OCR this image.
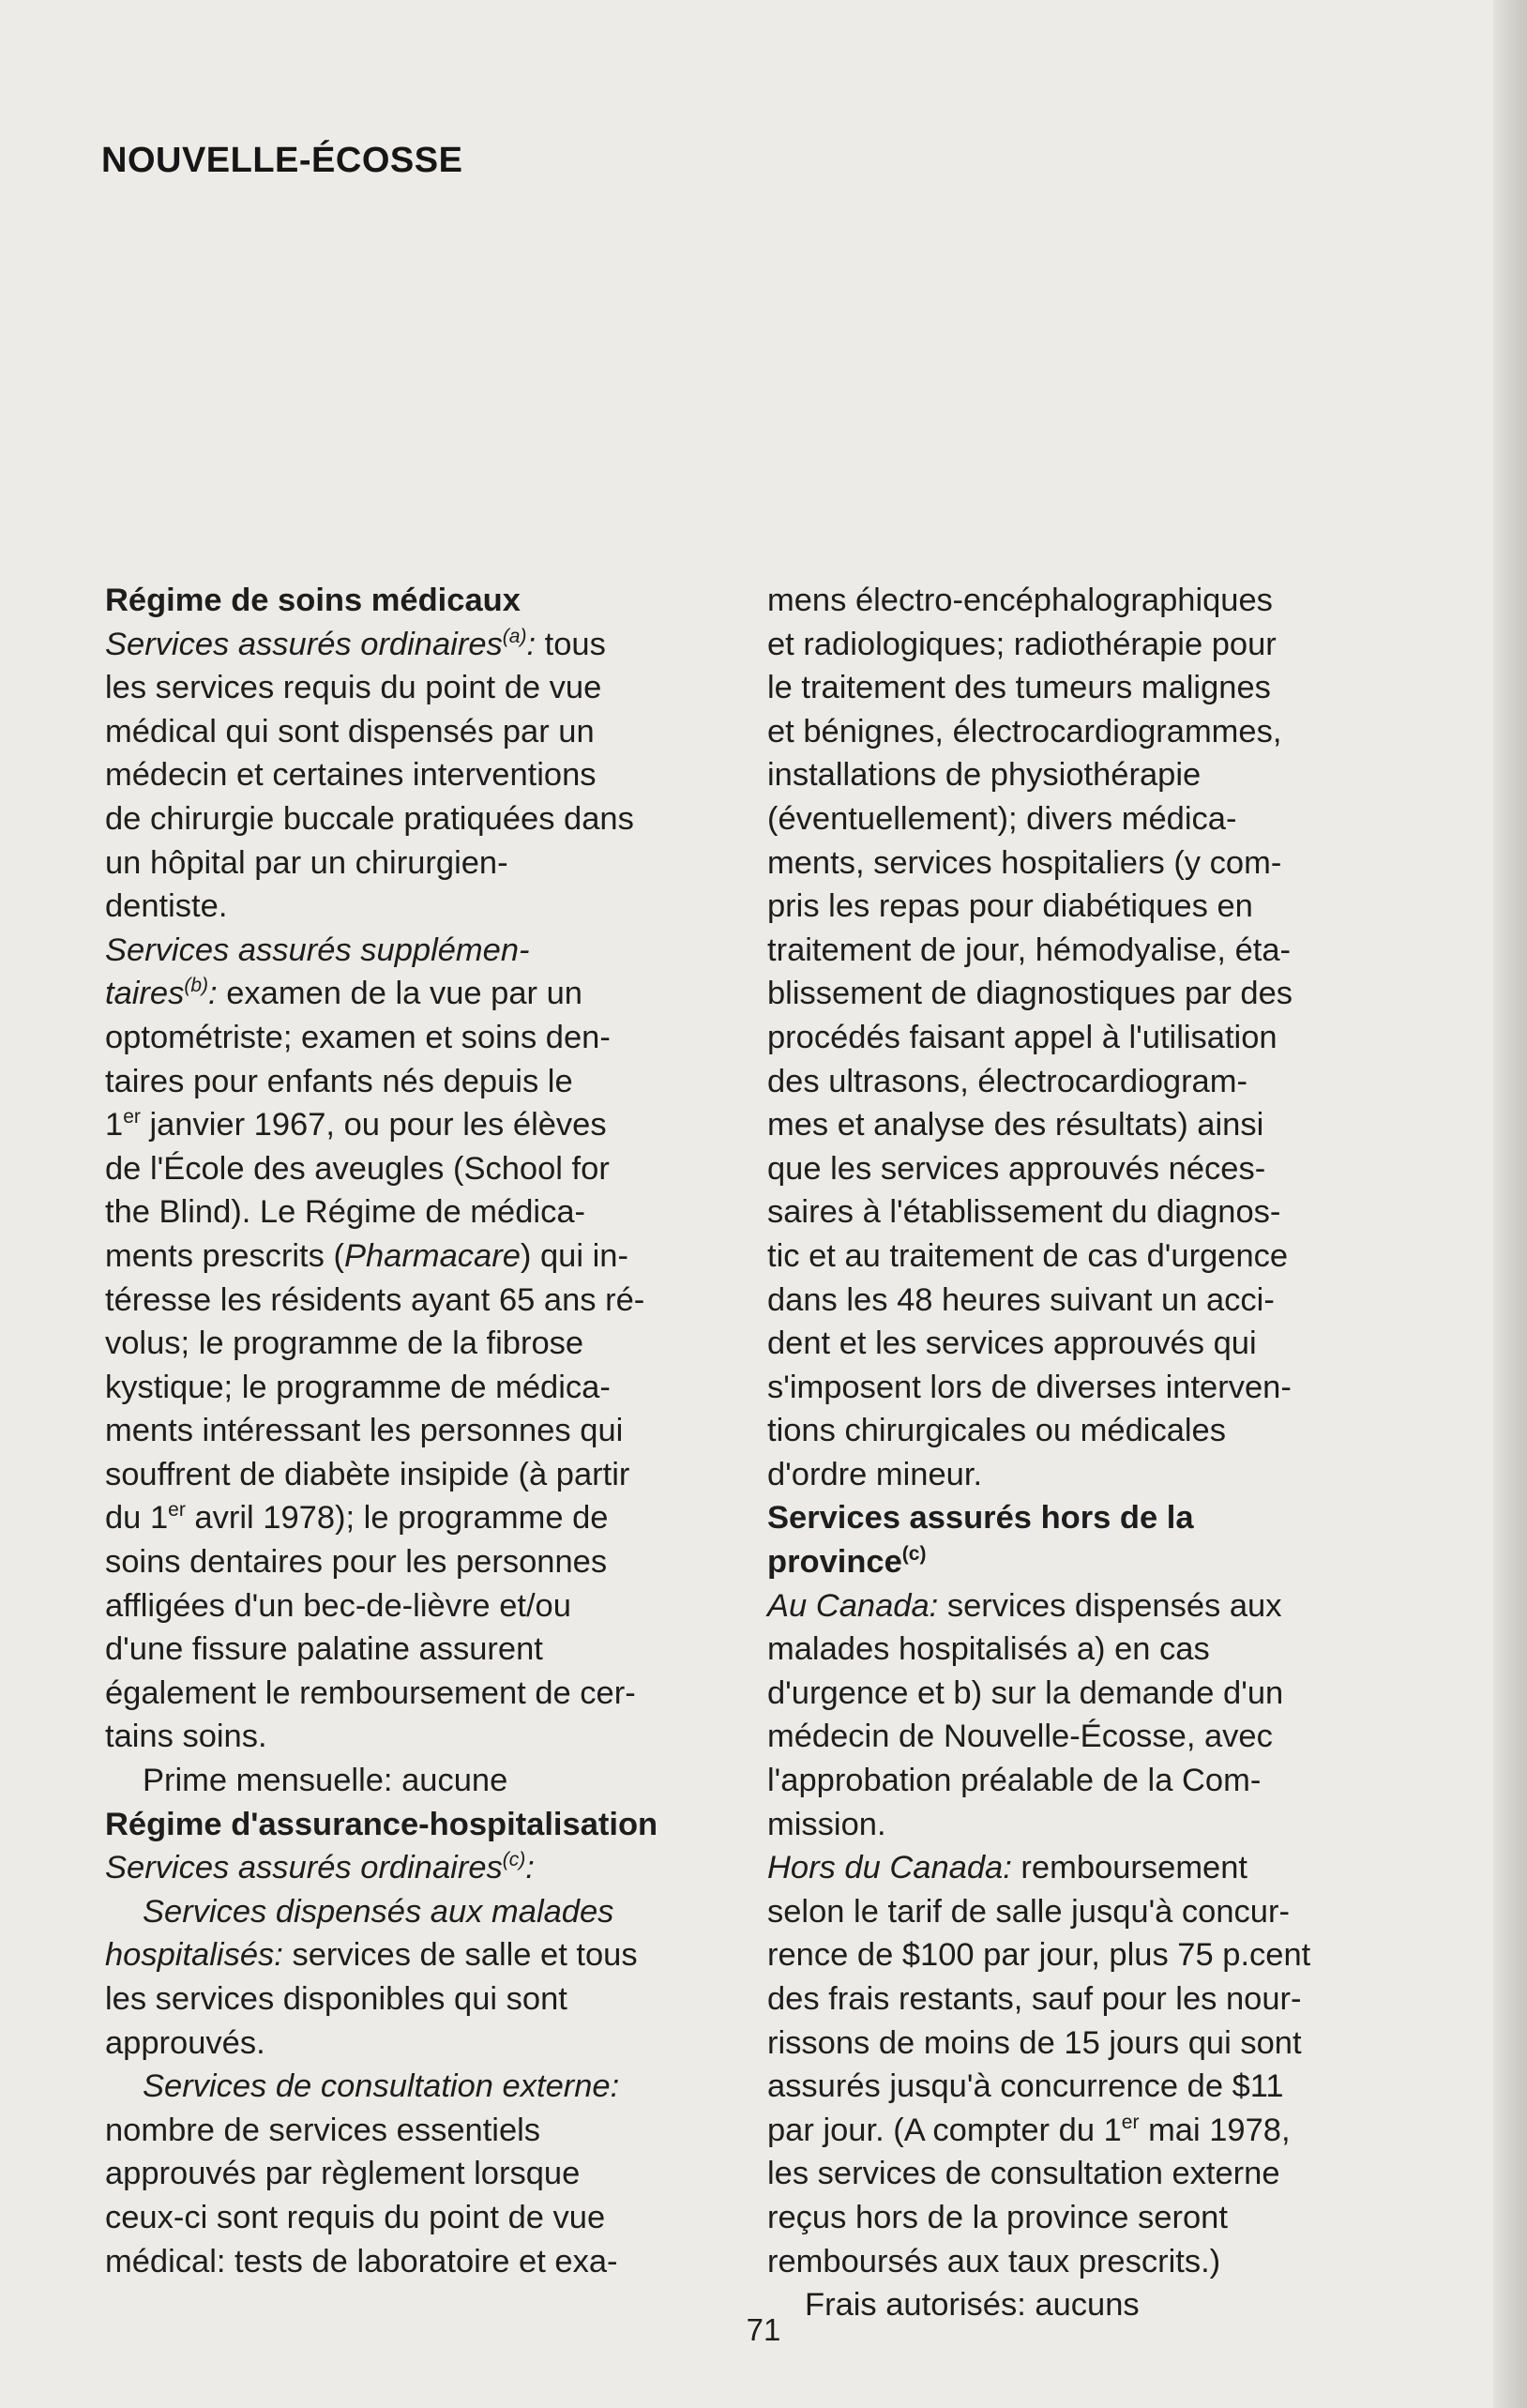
NOUVELLE-ÉCOSSE
Régime de soins médicaux
Services assurés ordinaires$^{(a)}$: tous
les services requis du point de vue
médical qui sont dispensés par un
médecin et certaines interventions
de chirurgie buccale pratiquées dans
un hôpital par un chirurgien-
dentiste.
Services assurés supplémen-
taires$^{(b)}$: examen de la vue par un
optométriste; examen et soins den-
taires pour enfants nés depuis le
1er janvier 1967, ou pour les élèves
de l'École des aveugles (School for
the Blind). Le Régime de médica-
ments prescrits (Pharmacare) qui in-
téresse les résidents ayant 65 ans ré-
volus; le programme de la fibrose
kystique; le programme de médica-
ments intéressant les personnes qui
souffrent de diabète insipide (à partir
du 1er avril 1978); le programme de
soins dentaires pour les personnes
affligées d'un bec-de-lièvre et/ou
d'une fissure palatine assurent
également le remboursement de cer-
tains soins.
Prime mensuelle: aucune
Régime d'assurance-hospitalisation
Services assurés ordinaires$^{(c)}$:
Services dispensés aux malades
hospitalisés: services de salle et tous
les services disponibles qui sont
approuvés.
Services de consultation externe:
nombre de services essentiels
approuvés par règlement lorsque
ceux-ci sont requis du point de vue
médical: tests de laboratoire et exa-
mens électro-encéphalographiques
et radiologiques; radiothérapie pour
le traitement des tumeurs malignes
et bénignes, électrocardiogrammes,
installations de physiothérapie
(éventuellement); divers médica-
ments, services hospitaliers (y com-
pris les repas pour diabétiques en
traitement de jour, hémodyalise, éta-
blissement de diagnostiques par des
procédés faisant appel à l'utilisation
des ultrasons, électrocardiogram-
mes et analyse des résultats) ainsi
que les services approuvés néces-
saires à l'établissement du diagnos-
tic et au traitement de cas d'urgence
dans les 48 heures suivant un acci-
dent et les services approuvés qui
s'imposent lors de diverses interven-
tions chirurgicales ou médicales
d'ordre mineur.
Services assurés hors de la
province$^{(c)}$
Au Canada: services dispensés aux
malades hospitalisés a) en cas
d'urgence et b) sur la demande d'un
médecin de Nouvelle-Écosse, avec
l'approbation préalable de la Com-
mission.
Hors du Canada: remboursement
selon le tarif de salle jusqu'à concur-
rence de $100 par jour, plus 75 p.cent
des frais restants, sauf pour les nour-
rissons de moins de 15 jours qui sont
assurés jusqu'à concurrence de $11
par jour. (A compter du 1er mai 1978,
les services de consultation externe
reçus hors de la province seront
remboursés aux taux prescrits.)
Frais autorisés: aucuns
71
